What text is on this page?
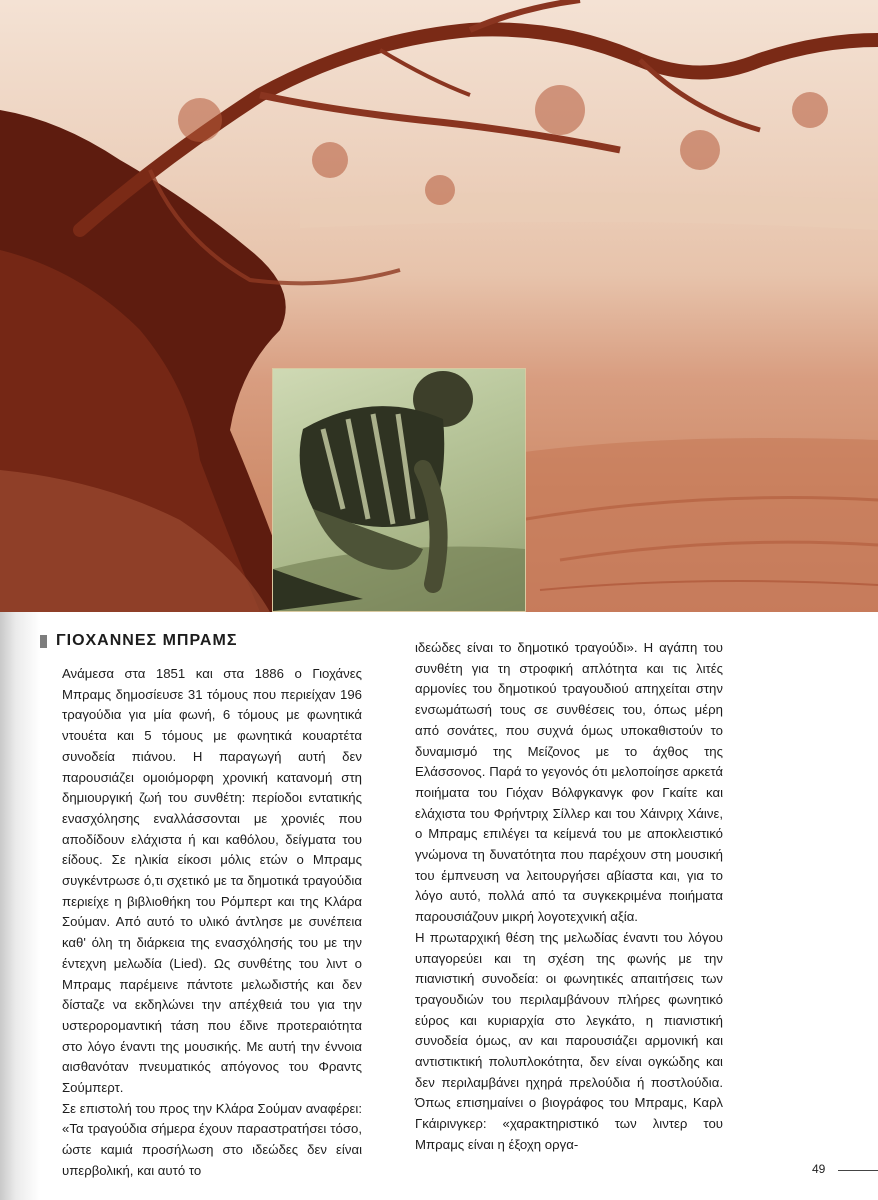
ΓΙΟΧΑΝΝΕΣ ΜΠΡΑΜΣ

Ανάμεσα στα 1851 και στα 1886 ο Γιοχάνες Μπραμς δημοσίευσε 31 τόμους που περιείχαν 196 τραγούδια για μία φωνή, 6 τόμους με φωνητικά ντουέτα και 5 τόμους με φωνητικά κουαρτέτα συνοδεία πιάνου. Η παραγωγή αυτή δεν παρουσιάζει ομοιόμορφη χρονική κατανομή στη δημιουργική ζωή του συνθέτη: περίοδοι εντατικής ενασχόλησης εναλλάσσονται με χρονιές που αποδίδουν ελάχιστα ή και καθόλου, δείγματα του είδους. Σε ηλικία είκοσι μόλις ετών ο Μπραμς συγκέντρωσε ό,τι σχετικό με τα δημοτικά τραγούδια περιείχε η βιβλιοθήκη του Ρόμπερτ και της Κλάρα Σούμαν. Από αυτό το υλικό άντλησε με συνέπεια καθ' όλη τη διάρκεια της ενασχόλησής του με την έντεχνη μελωδία (Lied). Ως συνθέτης του λιντ ο Μπραμς παρέμεινε πάντοτε μελωδιστής και δεν δίσταζε να εκδηλώνει την απέχθειά του για την υστερορομαντική τάση που έδινε προτεραιότητα στο λόγο έναντι της μουσικής. Με αυτή την έννοια αισθανόταν πνευματικός απόγονος του Φραντς Σούμπερτ.

Σε επιστολή του προς την Κλάρα Σούμαν αναφέρει: «Τα τραγούδια σήμερα έχουν παραστρατήσει τόσο, ώστε καμιά προσήλωση στο ιδεώδες δεν είναι υπερβολική, και αυτό το

ιδεώδες είναι το δημοτικό τραγούδι». Η αγάπη του συνθέτη για τη στροφική απλότητα και τις λιτές αρμονίες του δημοτικού τραγουδιού απηχείται στην ενσωμάτωσή τους σε συνθέσεις του, όπως μέρη από σονάτες, που συχνά όμως υποκαθιστούν το δυναμισμό της Μείζονος με το άχθος της Ελάσσονος. Παρά το γεγονός ότι μελοποίησε αρκετά ποιήματα του Γιόχαν Βόλφγκανγκ φον Γκαίτε και ελάχιστα του Φρήντριχ Σίλλερ και του Χάινριχ Χάινε, ο Μπραμς επιλέγει τα κείμενά του με αποκλειστικό γνώμονα τη δυνατότητα που παρέχουν στη μουσική του έμπνευση να λειτουργήσει αβίαστα και, για το λόγο αυτό, πολλά από τα συγκεκριμένα ποιήματα παρουσιάζουν μικρή λογοτεχνική αξία.

Η πρωταρχική θέση της μελωδίας έναντι του λόγου υπαγορεύει και τη σχέση της φωνής με την πιανιστική συνοδεία: οι φωνητικές απαιτήσεις των τραγουδιών του περιλαμβάνουν πλήρες φωνητικό εύρος και κυριαρχία στο λεγκάτο, η πιανιστική συνοδεία όμως, αν και παρουσιάζει αρμονική και αντιστικτική πολυπλοκότητα, δεν είναι ογκώδης και δεν περιλαμβάνει ηχηρά πρελούδια ή ποστλούδια. Όπως επισημαίνει ο βιογράφος του Μπραμς, Καρλ Γκάιρινγκερ: «χαρακτηριστικό των λιντερ του Μπραμς είναι η έξοχη οργα-

49
